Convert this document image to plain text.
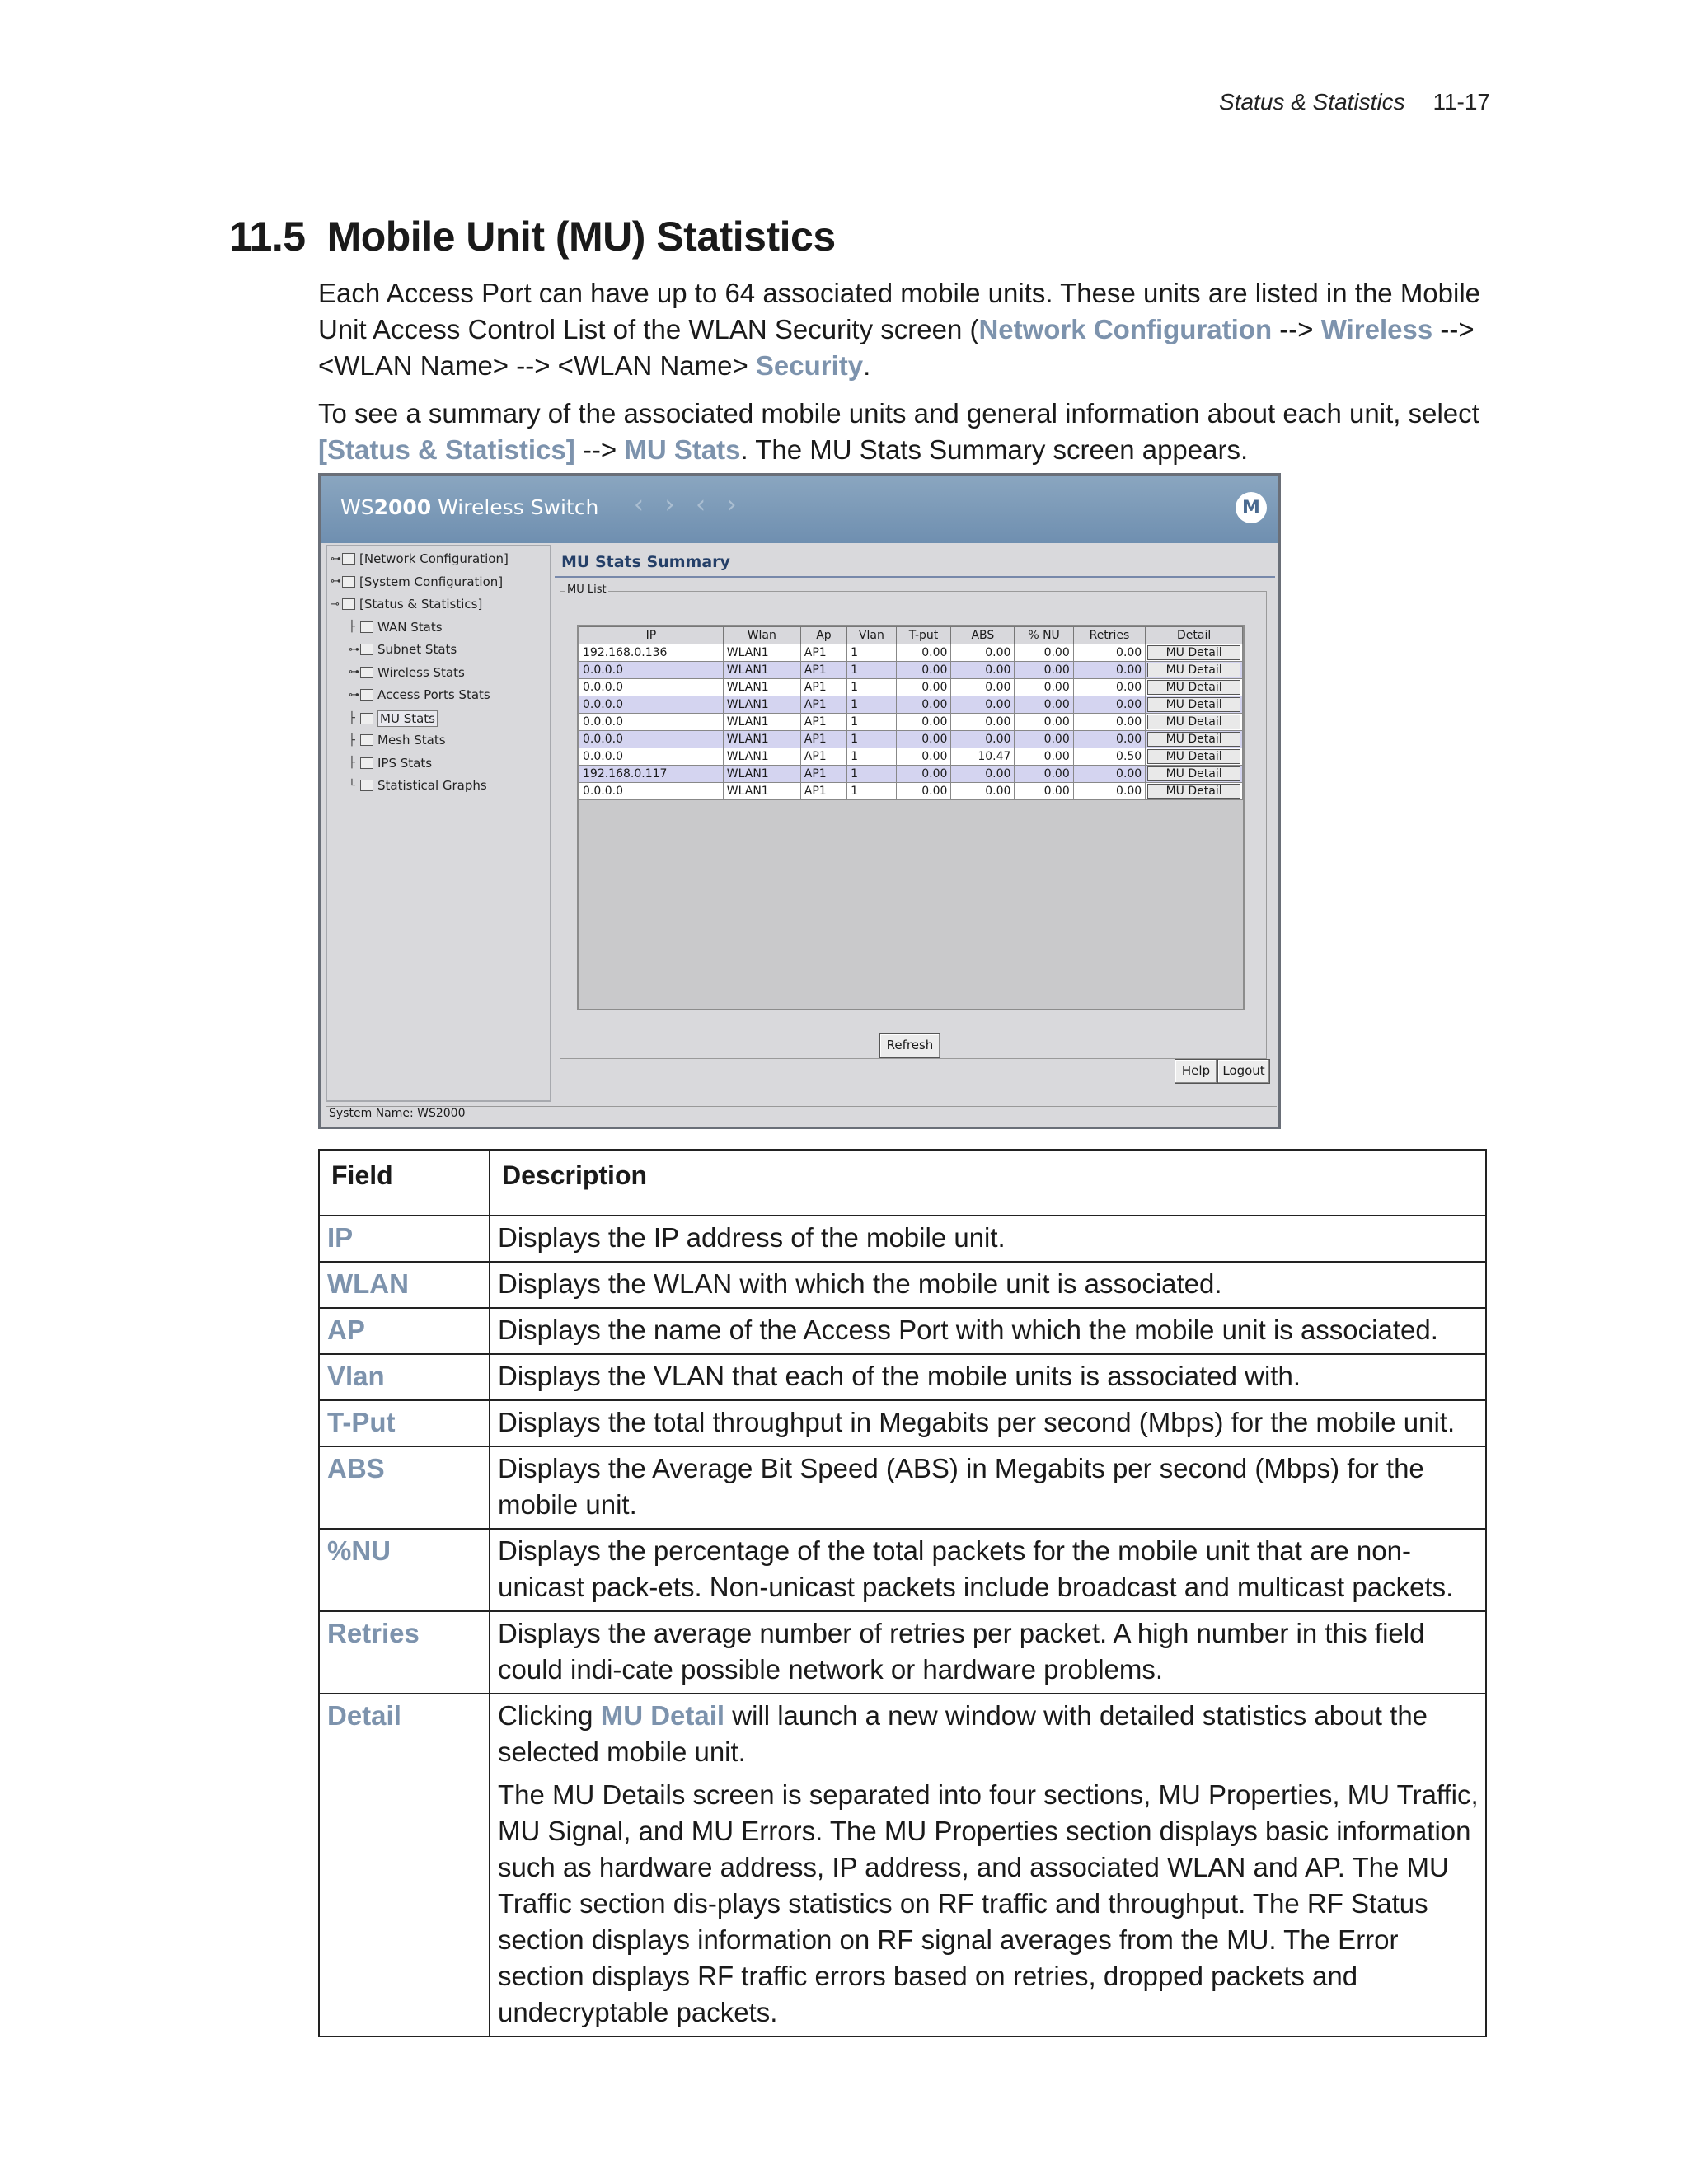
Status & Statistics 11-17
11.5 Mobile Unit (MU) Statistics

Each Access Port can have up to 64 associated mobile units. These units are listed in the Mobile Unit Access Control List of the WLAN Security screen (Network Configuration --> Wireless --> <WLAN Name> --> <WLAN Name> Security.

To see a summary of the associated mobile units and general information about each unit, select [Status & Statistics] --> MU Stats. The MU Stats Summary screen appears.

WS2000 Wireless Switch ‹ › ‹ ›	M
⊶ [Network Configuration]
⊶ [System Configuration]
⊸ [Status & Statistics]
├	WAN Stats
⊶ Subnet Stats
⊶ Wireless Stats
⊶ Access Ports Stats
├	MU Stats
├	Mesh Stats
├	IPS Stats
└	Statistical Graphs
MU Stats Summary
MU List
IP	Wlan	Ap	Vlan	T-put	ABS	% NU	Retries	Detail
192.168.0.136	WLAN1	AP1	1	0.00	0.00	0.00	0.00	MU Detail

0.0.0.0	WLAN1	AP1	1	0.00	0.00	0.00	0.00	MU Detail

0.0.0.0	WLAN1	AP1	1	0.00	0.00	0.00	0.00	MU Detail

0.0.0.0	WLAN1	AP1	1	0.00	0.00	0.00	0.00	MU Detail

0.0.0.0	WLAN1	AP1	1	0.00	0.00	0.00	0.00	MU Detail

0.0.0.0	WLAN1	AP1	1	0.00	0.00	0.00	0.00	MU Detail

0.0.0.0	WLAN1	AP1	1	0.00	10.47	0.00	0.50	MU Detail

192.168.0.117	WLAN1	AP1	1	0.00	0.00	0.00	0.00	MU Detail

0.0.0.0	WLAN1	AP1	1	0.00	0.00	0.00	0.00	MU Detail
Refresh
Help	Logout
System Name: WS2000
Field	Description
IP	Displays the IP address of the mobile unit.
WLAN	Displays the WLAN with which the mobile unit is associated.
AP	Displays the name of the Access Port with which the mobile unit is associated.
Vlan	Displays the VLAN that each of the mobile units is associated with.
T-Put	Displays the total throughput in Megabits per second (Mbps) for the mobile unit.
ABS	Displays the Average Bit Speed (ABS) in Megabits per second (Mbps) for the mobile unit.
%NU	Displays the percentage of the total packets for the mobile unit that are non-unicast pack-ets. Non-unicast packets include broadcast and multicast packets.
Retries	Displays the average number of retries per packet. A high number in this field could indi-cate possible network or hardware problems.
Detail	Clicking MU Detail will launch a new window with detailed statistics about the selected mobile unit.

The MU Details screen is separated into four sections, MU Properties, MU Traffic, MU Signal, and MU Errors. The MU Properties section displays basic information such as hardware address, IP address, and associated WLAN and AP. The MU Traffic section dis-plays statistics on RF traffic and throughput. The RF Status section displays information on RF signal averages from the MU. The Error section displays RF traffic errors based on retries, dropped packets and undecryptable packets.
